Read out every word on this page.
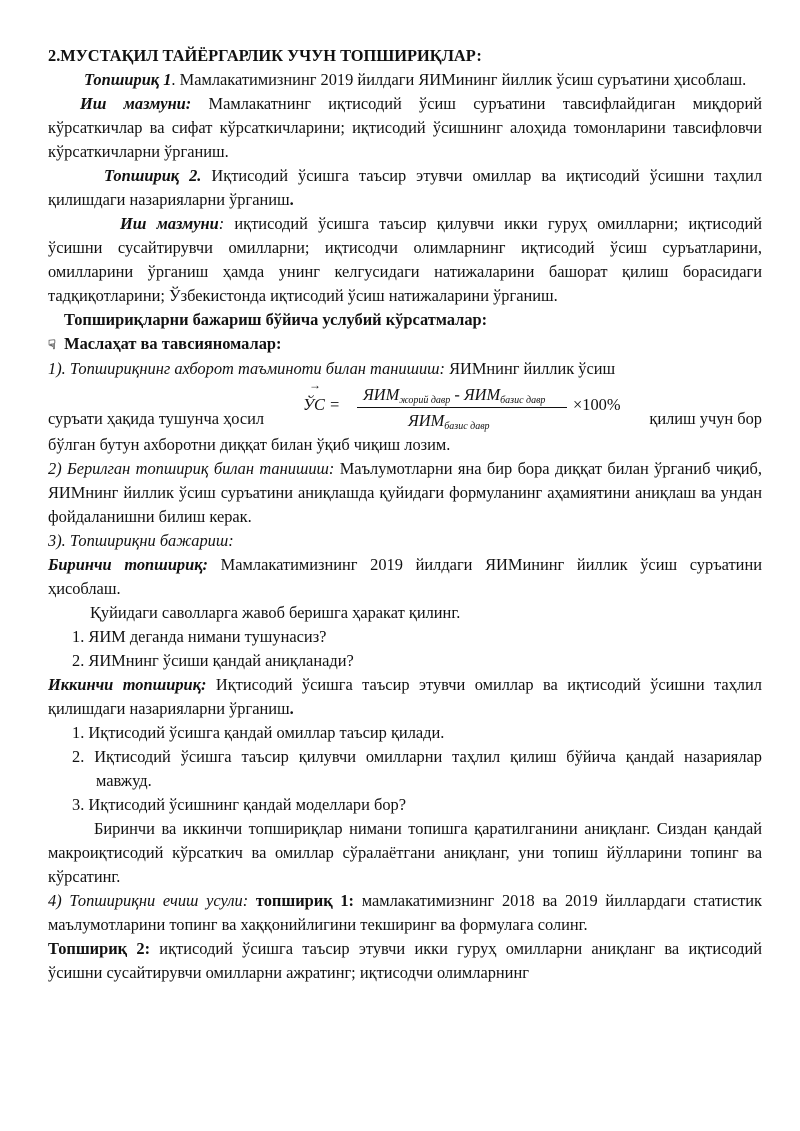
2.МУСТАҚИЛ ТАЙЁРГАРЛИК УЧУН ТОПШИРИҚЛАР:

Топшириқ 1. Мамлакатимизнинг 2019 йилдаги ЯИМининг йиллик ўсиш суръатини ҳисоблаш.

Иш мазмуни: Мамлакатнинг иқтисодий ўсиш суръатини тавсифлайдиган миқдорий кўрсаткичлар ва сифат кўрсаткичларини; иқтисодий ўсишнинг алоҳида томонларини тавсифловчи кўрсаткичларни ўрганиш.

Топшириқ 2. Иқтисодий ўсишга таъсир этувчи омиллар ва иқтисодий ўсишни таҳлил қилишдаги назарияларни ўрганиш.

Иш мазмуни: иқтисодий ўсишга таъсир қилувчи икки гуруҳ омилларни; иқтисодий ўсишни сусайтирувчи омилларни; иқтисодчи олимларнинг иқтисодий ўсиш суръатларини, омилларини ўрганиш ҳамда унинг келгусидаги натижаларини башорат қилиш борасидаги тадқиқотларини; Ўзбекистонда иқтисодий ўсиш натижаларини ўрганиш.

Топшириқларни бажариш бўйича услубий кўрсатмалар:

☟ Маслаҳат ва тавсияномалар:

1). Топшириқнинг ахборот таъминоти билан танишиш: ЯИМнинг йиллик ўсиш

суръати ҳақида тушунча ҳосил	қилиш учун бор
→
ЎС =
$ЯИМ_{жорий давр} - ЯИМ_{базис давр}$
$ЯИМ_{базис давр}$
×100%

бўлган бутун ахборотни диққат билан ўқиб чиқиш лозим.

2) Берилган топшириқ билан танишиш: Маълумотларни яна бир бора диққат билан ўрганиб чиқиб, ЯИМнинг йиллик ўсиш суръатини аниқлашда қуйидаги формуланинг аҳамиятини аниқлаш ва ундан фойдаланишни билиш керак.

3). Топшириқни бажариш:

Биринчи топшириқ: Мамлакатимизнинг 2019 йилдаги ЯИМининг йиллик ўсиш суръатини ҳисоблаш.

Қуйидаги саволларга жавоб беришга ҳаракат қилинг.

1. ЯИМ деганда нимани тушунасиз?

2. ЯИМнинг ўсиши қандай аниқланади?

Иккинчи топшириқ: Иқтисодий ўсишга таъсир этувчи омиллар ва иқтисодий ўсишни таҳлил қилишдаги назарияларни ўрганиш.

1. Иқтисодий ўсишга қандай омиллар таъсир қилади.

2. Иқтисодий ўсишга таъсир қилувчи омилларни таҳлил қилиш бўйича қандай назариялар мавжуд.

3. Иқтисодий ўсишнинг қандай моделлари бор?

Биринчи ва иккинчи топшириқлар нимани топишга қаратилганини аниқланг. Сиздан қандай макроиқтисодий кўрсаткич ва омиллар сўралаётгани аниқланг, уни топиш йўлларини топинг ва кўрсатинг.

4) Топшириқни ечиш усули: топшириқ 1: мамлакатимизнинг 2018 ва 2019 йиллардаги статистик маълумотларини топинг ва хаққонийлигини текширинг ва формулага солинг.

Топшириқ 2: иқтисодий ўсишга таъсир этувчи икки гуруҳ омилларни аниқланг ва иқтисодий ўсишни сусайтирувчи омилларни ажратинг; иқтисодчи олимларнинг
